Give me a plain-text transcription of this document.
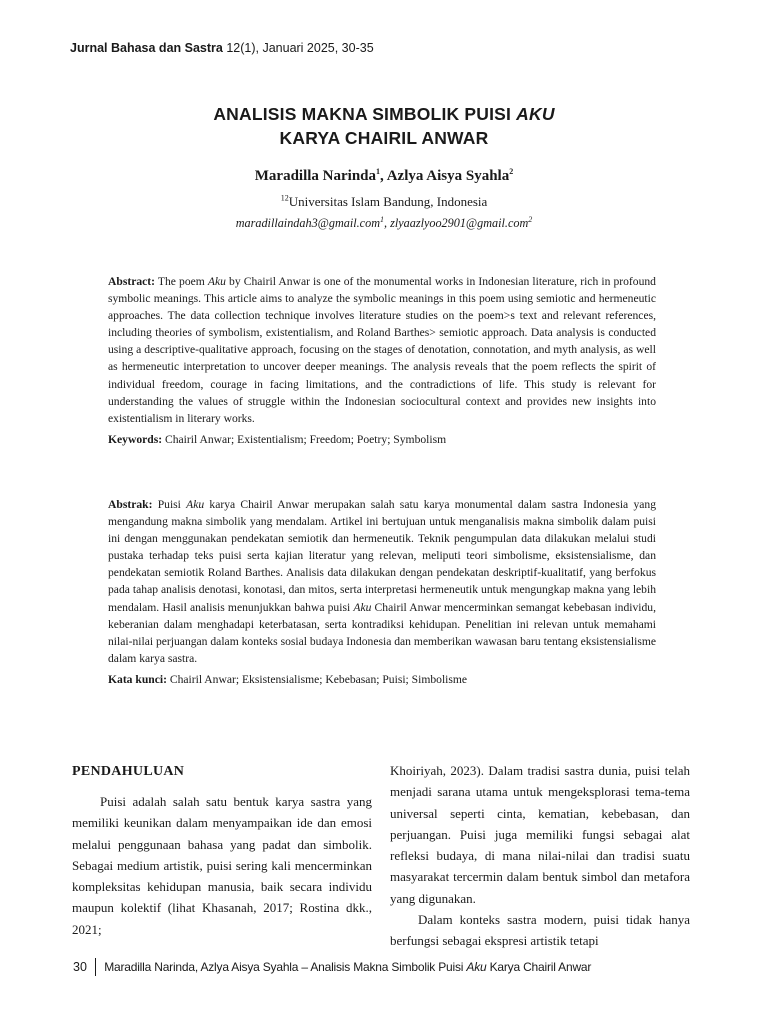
Jurnal Bahasa dan Sastra 12(1), Januari 2025, 30-35
ANALISIS MAKNA SIMBOLIK PUISI AKU
KARYA CHAIRIL ANWAR
Maradilla Narinda$^1$, Azlya Aisya Syahla$^2$
$^{12}$Universitas Islam Bandung, Indonesia
maradillaindah3@gmail.com$^1$, zlyaazlyoo2901@gmail.com$^2$

Abstract: The poem Aku by Chairil Anwar is one of the monumental works in Indonesian literature, rich in profound symbolic meanings. This article aims to analyze the symbolic meanings in this poem using semiotic and hermeneutic approaches. The data collection technique involves literature studies on the poem>s text and relevant references, including theories of symbolism, existentialism, and Roland Barthes> semiotic approach. Data analysis is conducted using a descriptive-qualitative approach, focusing on the stages of denotation, connotation, and myth analysis, as well as hermeneutic interpretation to uncover deeper meanings. The analysis reveals that the poem reflects the spirit of individual freedom, courage in facing limitations, and the contradictions of life. This study is relevant for understanding the values of struggle within the Indonesian sociocultural context and provides new insights into existentialism in literary works.

Keywords: Chairil Anwar; Existentialism; Freedom; Poetry; Symbolism

Abstrak: Puisi Aku karya Chairil Anwar merupakan salah satu karya monumental dalam sastra Indonesia yang mengandung makna simbolik yang mendalam. Artikel ini bertujuan untuk menganalisis makna simbolik dalam puisi ini dengan menggunakan pendekatan semiotik dan hermeneutik. Teknik pengumpulan data dilakukan melalui studi pustaka terhadap teks puisi serta kajian literatur yang relevan, meliputi teori simbolisme, eksistensialisme, dan pendekatan semiotik Roland Barthes. Analisis data dilakukan dengan pendekatan deskriptif-kualitatif, yang berfokus pada tahap analisis denotasi, konotasi, dan mitos, serta interpretasi hermeneutik untuk mengungkap makna yang lebih mendalam. Hasil analisis menunjukkan bahwa puisi Aku Chairil Anwar mencerminkan semangat kebebasan individu, keberanian dalam menghadapi keterbatasan, serta kontradiksi kehidupan. Penelitian ini relevan untuk memahami nilai-nilai perjuangan dalam konteks sosial budaya Indonesia dan memberikan wawasan baru tentang eksistensialisme dalam karya sastra.

Kata kunci: Chairil Anwar; Eksistensialisme; Kebebasan; Puisi; Simbolisme

PENDAHULUAN

Puisi adalah salah satu bentuk karya sastra yang memiliki keunikan dalam menyampaikan ide dan emosi melalui penggunaan bahasa yang padat dan simbolik. Sebagai medium artistik, puisi sering kali mencerminkan kompleksitas kehidupan manusia, baik secara individu maupun kolektif (lihat Khasanah, 2017; Rostina dkk., 2021;

Khoiriyah, 2023). Dalam tradisi sastra dunia, puisi telah menjadi sarana utama untuk mengeksplorasi tema-tema universal seperti cinta, kematian, kebebasan, dan perjuangan. Puisi juga memiliki fungsi sebagai alat refleksi budaya, di mana nilai-nilai dan tradisi suatu masyarakat tercermin dalam bentuk simbol dan metafora yang digunakan.

Dalam konteks sastra modern, puisi tidak hanya berfungsi sebagai ekspresi artistik tetapi

30	Maradilla Narinda, Azlya Aisya Syahla – Analisis Makna Simbolik Puisi Aku Karya Chairil Anwar
